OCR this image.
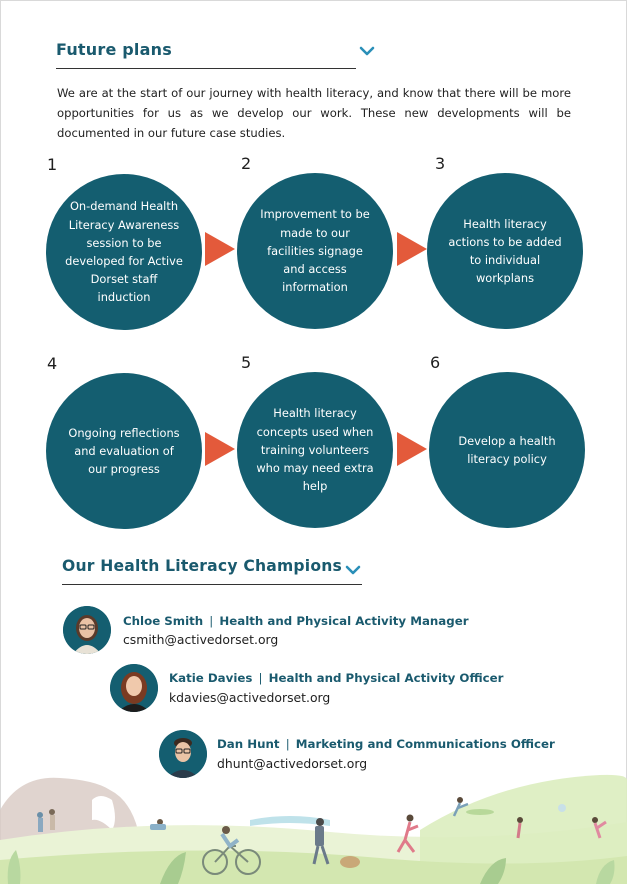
Future plans
We are at the start of our journey with health literacy, and know that there will be more opportunities for us as we develop our work. These new developments will be documented in our future case studies.
On-demand Health Literacy Awareness session to be developed for Active Dorset staff induction
Improvement to be made to our facilities signage and access information
Health literacy actions to be added to individual workplans
Ongoing reflections and evaluation of our progress
Health literacy concepts used when training volunteers who may need extra help
Develop a health literacy policy
1	2	3
4	5	6
Our Health Literacy Champions
Chloe Smith | Health and Physical Activity Manager
csmith@activedorset.org
Katie Davies | Health and Physical Activity Officer
kdavies@activedorset.org
Dan Hunt | Marketing and Communications Officer
dhunt@activedorset.org
